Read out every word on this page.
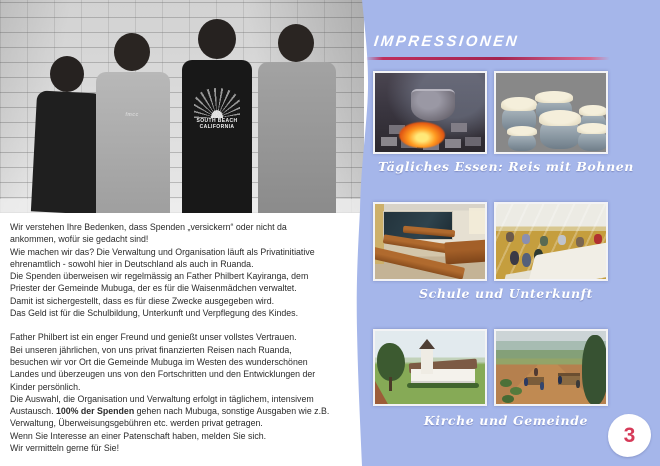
fmcc
SOUTH BEACH CALIFORNIA
Wir verstehen Ihre Bedenken, dass Spenden „versickern“ oder nicht da
ankommen, wofür sie gedacht sind!
Wie machen wir das? Die Verwaltung und Organisation läuft als Privatinitiative
ehrenamtlich - sowohl hier in Deutschland als auch in Ruanda.
Die Spenden überweisen wir regelmässig an Father Philbert Kayiranga, dem
Priester der Gemeinde Mubuga, der es für die Waisenmädchen verwaltet.
Damit ist sichergestellt, dass es für diese Zwecke ausgegeben wird.
Das Geld ist für die Schulbildung, Unterkunft und Verpflegung des Kindes.
Father Philbert ist ein enger Freund und genießt unser vollstes Vertrauen.
Bei unseren jährlichen, von uns privat finanzierten Reisen nach Ruanda,
besuchen wir vor Ort die Gemeinde Mubuga im Westen des wunderschönen
Landes und überzeugen uns von den Fortschritten und den Entwicklungen der
Kinder persönlich.
Die Auswahl, die Organisation und Verwaltung erfolgt in täglichem, intensivem
Austausch. 100% der Spenden gehen nach Mubuga, sonstige Ausgaben wie z.B.
Verwaltung, Überweisungsgebühren etc. werden privat getragen.
Wenn Sie Interesse an einer Patenschaft haben, melden Sie sich.
Wir vermitteln gerne für Sie!
IMPRESSIONEN
Tägliches Essen: Reis mit Bohnen
Schule und Unterkunft
Kirche und Gemeinde
3
